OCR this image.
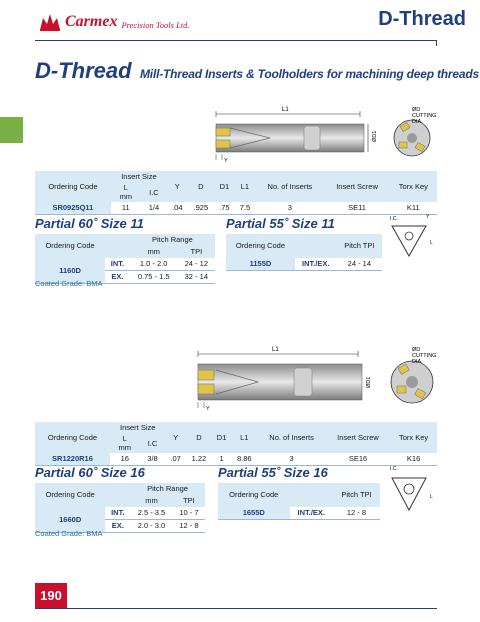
Carmex Precision Tools Ltd.	D-Thread
D-Thread Mill-Thread Inserts & Toolholders for machining deep threads
L1
ØD1
Y
ØD
CUTTING
DIA.
Ordering Code	Insert Size		Y	D	D1	L1	No. of Inserts	Insert Screw	Torx Key
	L
mm	I.C							
SR0925Q11	11	1/4	.04	.925	.75	7.5	3	SE11	K11
Partial 60˚ Size 11
Ordering Code		Pitch Range	
		mm	TPI
1160D	INT.	1.0 - 2.0	24 - 12
	EX.	0.75 - 1.5	32 - 14
Coated Grade: BMA
Partial 55˚ Size 11
Ordering Code		Pitch TPI
1155D	INT./EX.	24 - 14
I.C.	Y
L
L1
ØD1
Y
ØD
CUTTING
DIA.
Ordering Code	Insert Size		Y	D	D1	L1	No. of Inserts	Insert Screw	Torx Key
	L
mm	I.C							
SR1220R16	16	3/8	.07	1.22	1	8.86	3	SE16	K16
Partial 60˚ Size 16
Ordering Code		Pitch Range	
		mm	TPI
1660D	INT.	2.5 - 3.5	10 - 7
	EX.	2.0 - 3.0	12 - 8
Coated Grade: BMA
Partial 55˚ Size 16
Ordering Code		Pitch TPI
1655D	INT./EX.	12 - 8
I.C.
L
190
